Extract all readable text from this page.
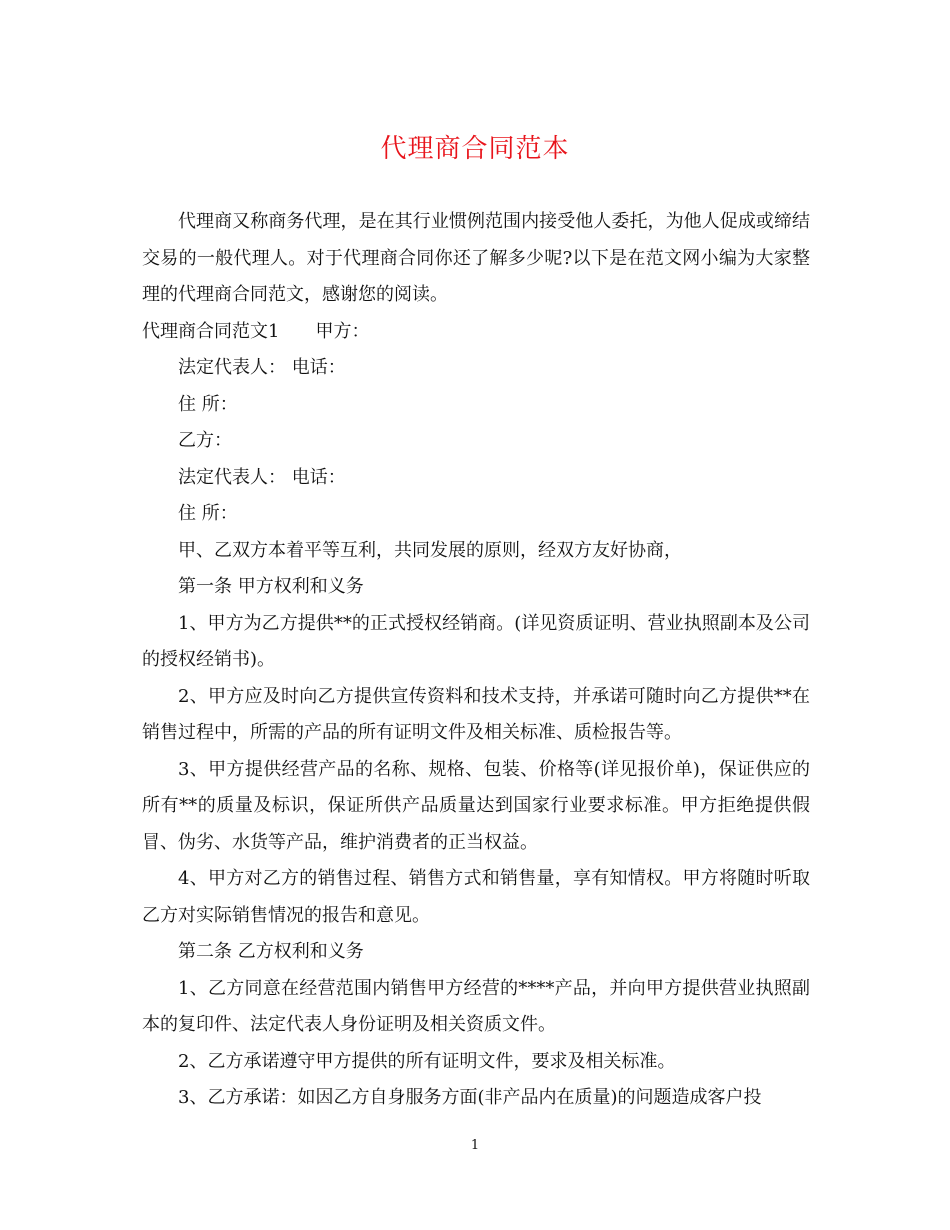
代理商合同范本

代理商又称商务代理，是在其行业惯例范围内接受他人委托，为他人促成或缔结交易的一般代理人。对于代理商合同你还了解多少呢?以下是在范文网小编为大家整理的代理商合同范文，感谢您的阅读。

代理商合同范文1 甲方：

法定代表人： 电话：

住 所：

乙方：

法定代表人： 电话：

住 所：

甲、乙双方本着平等互利，共同发展的原则，经双方友好协商，

第一条 甲方权利和义务

1、甲方为乙方提供**的正式授权经销商。(详见资质证明、营业执照副本及公司的授权经销书)。

2、甲方应及时向乙方提供宣传资料和技术支持，并承诺可随时向乙方提供**在销售过程中，所需的产品的所有证明文件及相关标准、质检报告等。

3、甲方提供经营产品的名称、规格、包装、价格等(详见报价单)，保证供应的所有**的质量及标识，保证所供产品质量达到国家行业要求标准。甲方拒绝提供假冒、伪劣、水货等产品，维护消费者的正当权益。

4、甲方对乙方的销售过程、销售方式和销售量，享有知情权。甲方将随时听取乙方对实际销售情况的报告和意见。

第二条 乙方权利和义务

1、乙方同意在经营范围内销售甲方经营的****产品，并向甲方提供营业执照副本的复印件、法定代表人身份证明及相关资质文件。

2、乙方承诺遵守甲方提供的所有证明文件，要求及相关标准。

3、乙方承诺：如因乙方自身服务方面(非产品内在质量)的问题造成客户投

1
